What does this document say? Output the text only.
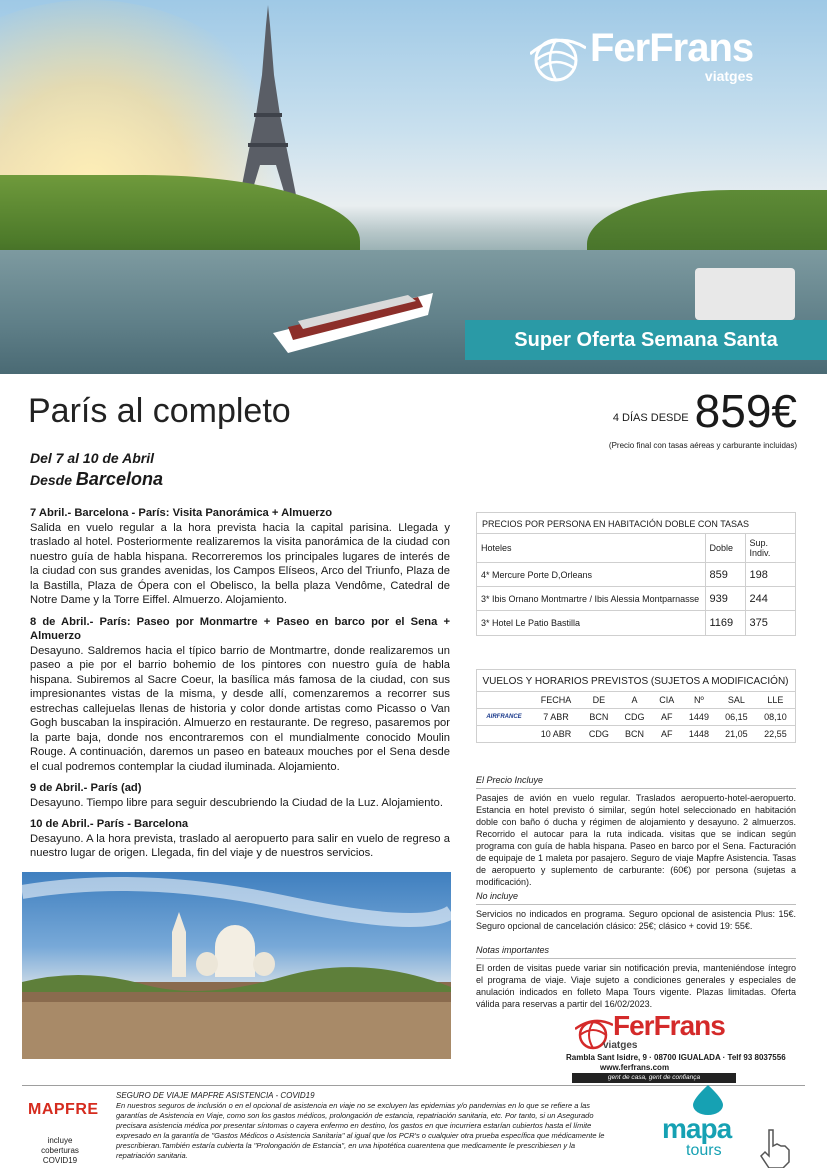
FerFrans
viatges
Super Oferta Semana Santa
París al completo
Del 7 al 10 de Abril
Desde Barcelona
4 DÍAS DESDE 859€
(Precio final con tasas aéreas y carburante incluidas)
7 Abril.- Barcelona - París: Visita Panorámica + Almuerzo
Salida en vuelo regular a la hora prevista hacia la capital parisina. Llegada y traslado al hotel. Posteriormente realizaremos la visita panorámica de la ciudad con nuestro guía de habla hispana. Recorreremos los principales lugares de interés de la ciudad con sus grandes avenidas, los Campos Elíseos, Arco del Triunfo, Plaza de la Bastilla, Plaza de Ópera con el Obelisco, la bella plaza Vendôme, Catedral de Notre Dame y la Torre Eiffel. Almuerzo. Alojamiento.
8 de Abril.- París: Paseo por Monmartre + Paseo en barco por el Sena + Almuerzo
Desayuno. Saldremos hacia el típico barrio de Montmartre, donde realizaremos un paseo a pie por el barrio bohemio de los pintores con nuestro guía de habla hispana. Subiremos al Sacre Coeur, la basílica más famosa de la ciudad, con sus impresionantes vistas de la misma, y desde allí, comenzaremos a recorrer sus estrechas callejuelas llenas de historia y color donde artistas como Picasso o Van Gogh buscaban la inspiración. Almuerzo en restaurante. De regreso, pasaremos por la parte baja, donde nos encontraremos con el mundialmente conocido Moulin Rouge. A continuación, daremos un paseo en bateaux mouches por el Sena desde el cual podremos contemplar la ciudad iluminada. Alojamiento.
9 de Abril.- París (ad)
Desayuno. Tiempo libre para seguir descubriendo la Ciudad de la Luz. Alojamiento.
10 de Abril.- París - Barcelona
Desayuno. A la hora prevista, traslado al aeropuerto para salir en vuelo de regreso a nuestro lugar de origen. Llegada, fin del viaje y de nuestros servicios.
PRECIOS POR PERSONA EN HABITACIÓN DOBLE CON TASAS
Hoteles	Doble	Sup. Indiv.
4* Mercure Porte D,Orleans	859	198
3* Ibis Ornano Montmartre / Ibis Alessia Montparnasse	939	244
3* Hotel Le Patio Bastilla	1169	375
VUELOS Y HORARIOS PREVISTOS (SUJETOS A MODIFICACIÓN)
	FECHA	DE	A	CIA	Nº	SAL	LLE
AIRFRANCE	7 ABR	BCN	CDG	AF	1449	06,15	08,10
	10 ABR	CDG	BCN	AF	1448	21,05	22,55
El Precio Incluye
Pasajes de avión en vuelo regular. Traslados aeropuerto-hotel-aeropuerto. Estancia en hotel previsto ó similar, según hotel seleccionado en habitación doble con baño ó ducha y régimen de alojamiento y desayuno. 2 almuerzos. Recorrido el autocar para la ruta indicada. visitas que se indican según programa con guía de habla hispana. Paseo en barco por el Sena. Facturación de equipaje de 1 maleta por pasajero. Seguro de viaje Mapfre Asistencia. Tasas de aeropuerto y suplemento de carburante: (60€) por persona (sujetas a modificación).
No incluye
Servicios no indicados en programa. Seguro opcional de asistencia Plus: 15€. Seguro opcional de cancelación clásico: 25€; clásico + covid 19: 55€.
Notas importantes
El orden de visitas puede variar sin notificación previa, manteniéndose íntegro el programa de viaje. Viaje sujeto a condiciones generales y especiales de anulación indicados en folleto Mapa Tours vigente. Plazas limitadas. Oferta válida para reservas a partir del 16/02/2023.
FerFrans
viatges
Rambla Sant Isidre, 9 · 08700 IGUALADA · Telf 93 8037556
www.ferfrans.com
gent de casa, gent de confiança
MAPFRE
incluye coberturas COVID19
SEGURO DE VIAJE MAPFRE ASISTENCIA - COVID19
En nuestros seguros de inclusión o en el opcional de asistencia en viaje no se excluyen las epidemias y/o pandemias en lo que se refiere a las garantías de Asistencia en Viaje, como son los gastos médicos, prolongación de estancia, repatriación sanitaria, etc. Por tanto, si un Asegurado precisara asistencia médica por presentar síntomas o cayera enfermo en destino, los gastos en que incurriera estarían cubiertos hasta el límite expresado en la garantía de "Gastos Médicos o Asistencia Sanitaria" al igual que los PCR's o cualquier otra prueba específica que médicamente le prescribieran.También estaría cubierta la "Prolongación de Estancia", en una hipotética cuarentena que medicamente le prescribiesen y la repatriación sanitaria.
mapa
tours
